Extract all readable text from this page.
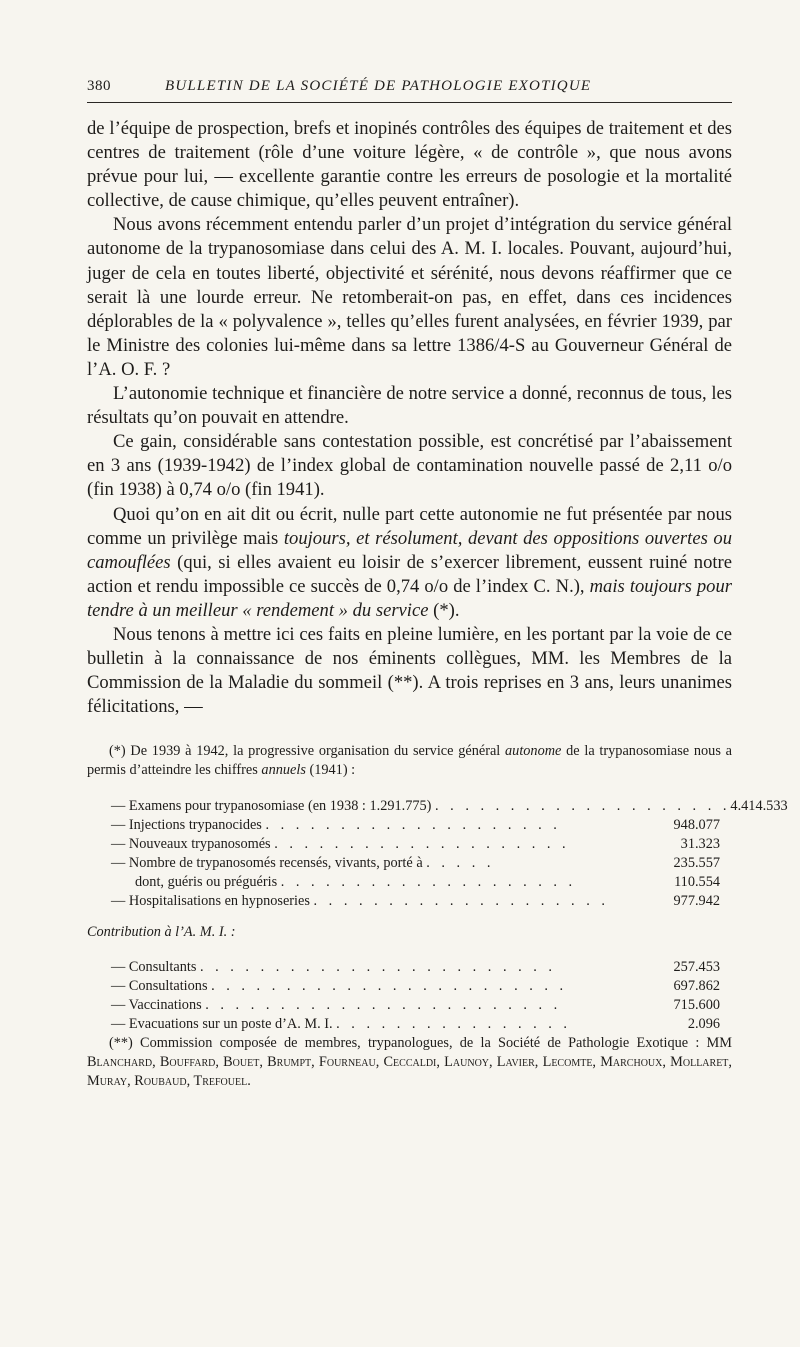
380	BULLETIN DE LA SOCIÉTÉ DE PATHOLOGIE EXOTIQUE

de l’équipe de prospection, brefs et inopinés contrôles des équipes de traitement et des centres de traitement (rôle d’une voiture légère, « de contrôle », que nous avons prévue pour lui, — excellente garantie contre les erreurs de posologie et la mortalité collective, de cause chimique, qu’elles peuvent entraîner).

Nous avons récemment entendu parler d’un projet d’intégration du service général autonome de la trypanosomiase dans celui des A. M. I. locales. Pouvant, aujourd’hui, juger de cela en toutes liberté, objectivité et sérénité, nous devons réaffirmer que ce serait là une lourde erreur. Ne retomberait-on pas, en effet, dans ces incidences déplorables de la « polyvalence », telles qu’elles furent analysées, en février 1939, par le Ministre des colonies lui-même dans sa lettre 1386/4-S au Gouverneur Général de l’A. O. F. ?

L’autonomie technique et financière de notre service a donné, reconnus de tous, les résultats qu’on pouvait en attendre.

Ce gain, considérable sans contestation possible, est concrétisé par l’abaissement en 3 ans (1939-1942) de l’index global de contamination nouvelle passé de 2,11 o/o (fin 1938) à 0,74 o/o (fin 1941).

Quoi qu’on en ait dit ou écrit, nulle part cette autonomie ne fut présentée par nous comme un privilège mais toujours, et résolument, devant des oppositions ouvertes ou camouflées (qui, si elles avaient eu loisir de s’exercer librement, eussent ruiné notre action et rendu impossible ce succès de 0,74 o/o de l’index C. N.), mais toujours pour tendre à un meilleur « rendement » du service (*).

Nous tenons à mettre ici ces faits en pleine lumière, en les portant par la voie de ce bulletin à la connaissance de nos éminents collègues, MM. les Membres de la Commission de la Maladie du sommeil (**). A trois reprises en 3 ans, leurs unanimes félicitations, —

(*) De 1939 à 1942, la progressive organisation du service général autonome de la trypanosomiase nous a permis d’atteindre les chiffres annuels (1941) :

— Examens pour trypanosomiase (en 1938 : 1.291.775) . . . . . . . . . . . . . . . . . . . . 4.414.533
— Injections trypanocides . . . . . . . . . . . . . . . . . . . .	948.077
— Nouveaux trypanosomés . . . . . . . . . . . . . . . . . . . .	31.323
— Nombre de trypanosomés recensés, vivants, porté à . . . . .	235.557
dont, guéris ou préguéris . . . . . . . . . . . . . . . . . . . .	110.554
— Hospitalisations en hypnoseries . . . . . . . . . . . . . . . . . . . .	977.942
Contribution à l’A. M. I. :
— Consultants . . . . . . . . . . . . . . . . . . . . . . . .	257.453
— Consultations . . . . . . . . . . . . . . . . . . . . . . . .	697.862
— Vaccinations . . . . . . . . . . . . . . . . . . . . . . . .	715.600
— Evacuations sur un poste d’A. M. I. . . . . . . . . . . . . . . . .	2.096

(**) Commission composée de membres, trypanologues, de la Société de Pathologie Exotique : MM Blanchard, Bouffard, Bouet, Brumpt, Fourneau, Ceccaldi, Launoy, Lavier, Lecomte, Marchoux, Mollaret, Muray, Roubaud, Trefouel.
